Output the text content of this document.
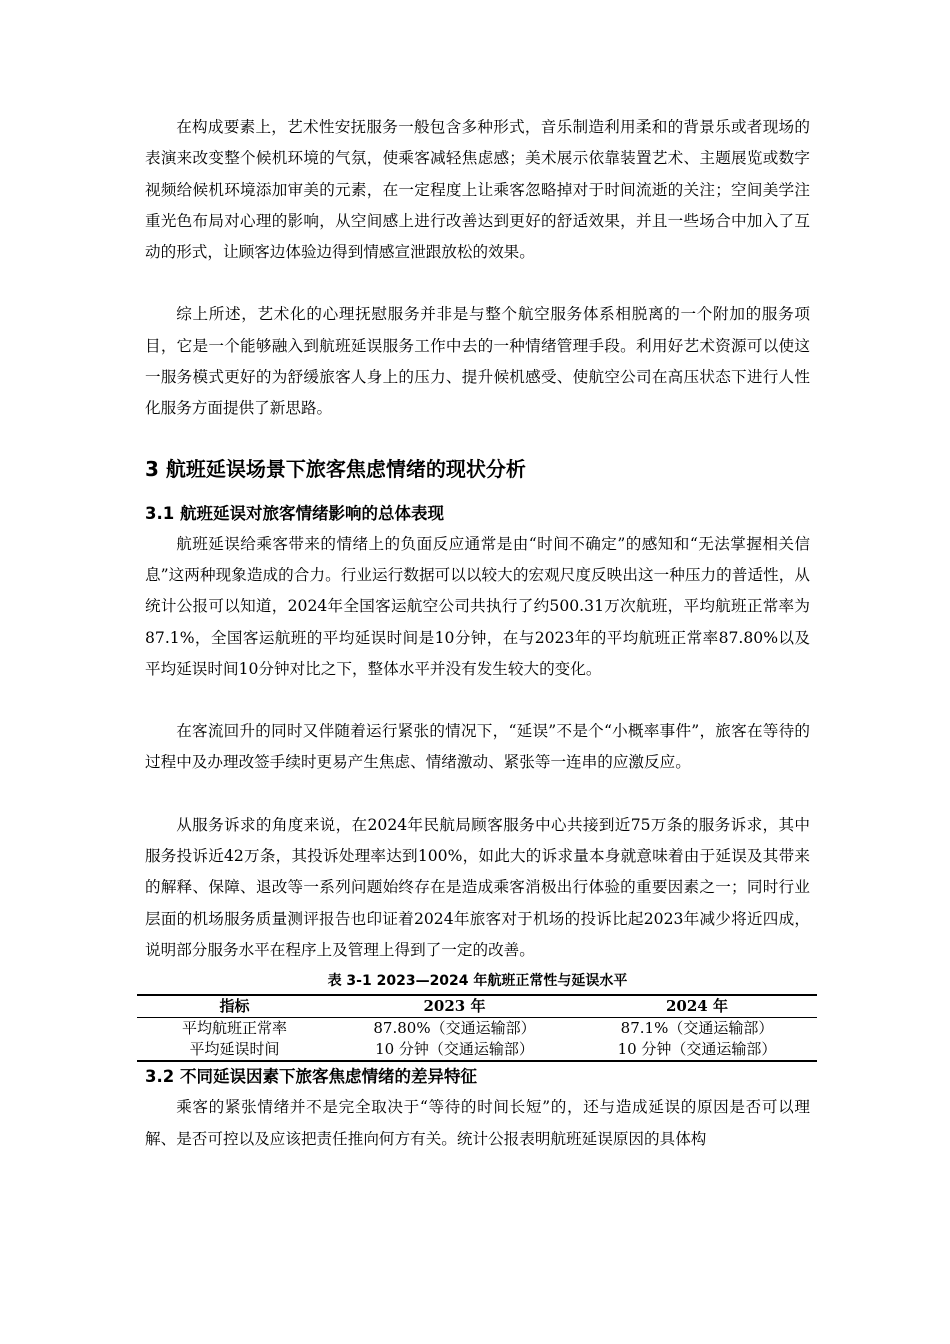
在构成要素上，艺术性安抚服务一般包含多种形式，音乐制造利用柔和的背景乐或者现场的表演来改变整个候机环境的气氛，使乘客减轻焦虑感；美术展示依靠装置艺术、主题展览或数字视频给候机环境添加审美的元素，在一定程度上让乘客忽略掉对于时间流逝的关注；空间美学注重光色布局对心理的影响，从空间感上进行改善达到更好的舒适效果，并且一些场合中加入了互动的形式，让顾客边体验边得到情感宣泄跟放松的效果。

综上所述，艺术化的心理抚慰服务并非是与整个航空服务体系相脱离的一个附加的服务项目，它是一个能够融入到航班延误服务工作中去的一种情绪管理手段。利用好艺术资源可以使这一服务模式更好的为舒缓旅客人身上的压力、提升候机感受、使航空公司在高压状态下进行人性化服务方面提供了新思路。

3 航班延误场景下旅客焦虑情绪的现状分析
3.1 航班延误对旅客情绪影响的总体表现

航班延误给乘客带来的情绪上的负面反应通常是由“时间不确定”的感知和“无法掌握相关信息”这两种现象造成的合力。行业运行数据可以以较大的宏观尺度反映出这一种压力的普适性，从统计公报可以知道，2024年全国客运航空公司共执行了约500.31万次航班，平均航班正常率为87.1%，全国客运航班的平均延误时间是10分钟，在与2023年的平均航班正常率87.80%以及平均延误时间10分钟对比之下，整体水平并没有发生较大的变化。

在客流回升的同时又伴随着运行紧张的情况下，“延误”不是个“小概率事件”，旅客在等待的过程中及办理改签手续时更易产生焦虑、情绪激动、紧张等一连串的应激反应。

从服务诉求的角度来说，在2024年民航局顾客服务中心共接到近75万条的服务诉求，其中服务投诉近42万条，其投诉处理率达到100%，如此大的诉求量本身就意味着由于延误及其带来的解释、保障、退改等一系列问题始终存在是造成乘客消极出行体验的重要因素之一；同时行业层面的机场服务质量测评报告也印证着2024年旅客对于机场的投诉比起2023年减少将近四成，说明部分服务水平在程序上及管理上得到了一定的改善。

表 3-1 2023—2024 年航班正常性与延误水平
指标	2023 年	2024 年
平均航班正常率	87.80%（交通运输部）	87.1%（交通运输部）
平均延误时间	10 分钟（交通运输部）	10 分钟（交通运输部）
3.2 不同延误因素下旅客焦虑情绪的差异特征

乘客的紧张情绪并不是完全取决于“等待的时间长短”的，还与造成延误的原因是否可以理解、是否可控以及应该把责任推向何方有关。统计公报表明航班延误原因的具体构
